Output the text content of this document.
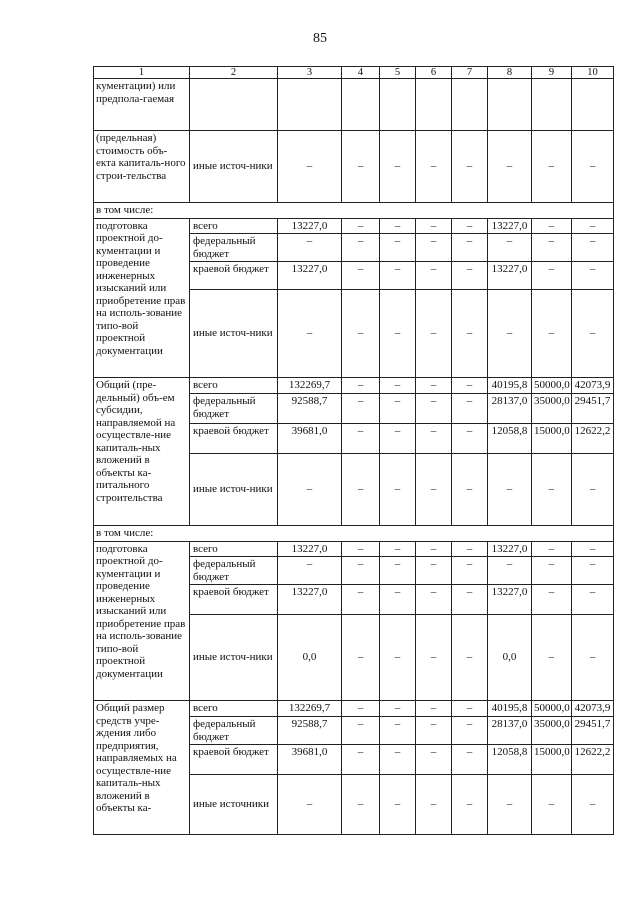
85
1	2	3	4	5	6	7	8	9	10	
кументации) или предпола-гаемая										
(предельная) стоимость объ-екта капиталь-ного строи-тельства	иные источ-ники	–	–	–	–	–	–	–	–	
в том числе:										
подготовка проектной до-кументации и проведение инженерных изысканий или приобретение прав на исполь-зование типо-вой проектной документации	всего	13227,0	–	–	–	–	13227,0	–	–	
	федеральный бюджет	–	–	–	–	–	–	–	–	
	краевой бюджет	13227,0	–	–	–	–	13227,0	–	–	
	иные источ-ники	–	–	–	–	–	–	–	–	
Общий (пре-дельный) объ-ем субсидии, направляемой на осуществле-ние капиталь-ных вложений в объекты ка-питального строительства	всего	132269,7	–	–	–	–	40195,8	50000,0	42073,9	
	федеральный бюджет	92588,7	–	–	–	–	28137,0	35000,0	29451,7	
	краевой бюджет	39681,0	–	–	–	–	12058,8	15000,0	12622,2	
	иные источ-ники	–	–	–	–	–	–	–	–	
в том числе:										
подготовка проектной до-кументации и проведение инженерных изысканий или приобретение прав на исполь-зование типо-вой проектной документации	всего	13227,0	–	–	–	–	13227,0	–	–	
	федеральный бюджет	–	–	–	–	–	–	–	–	
	краевой бюджет	13227,0	–	–	–	–	13227,0	–	–	
	иные источ-ники	0,0	–	–	–	–	0,0	–	–	
Общий размер средств учре-ждения либо предприятия, направляемых на осуществле-ние капиталь-ных вложений в объекты ка-	всего	132269,7	–	–	–	–	40195,8	50000,0	42073,9	
	федеральный бюджет	92588,7	–	–	–	–	28137,0	35000,0	29451,7	
	краевой бюджет	39681,0	–	–	–	–	12058,8	15000,0	12622,2	
	иные источники	–	–	–	–	–	–	–	–	
